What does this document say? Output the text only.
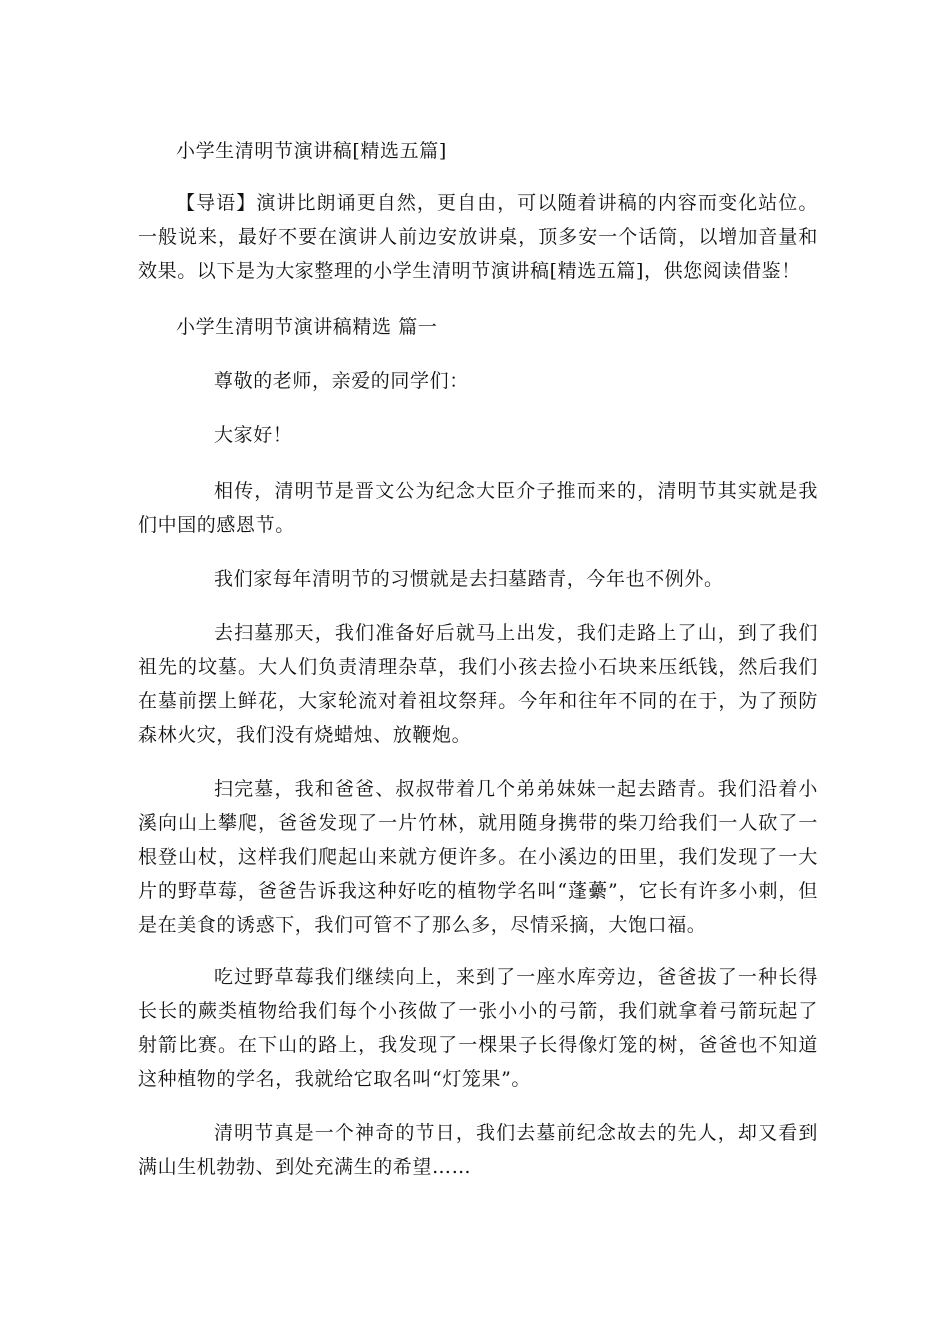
小学生清明节演讲稿[精选五篇]

【导语】演讲比朗诵更自然，更自由，可以随着讲稿的内容而变化站位。一般说来，最好不要在演讲人前边安放讲桌，顶多安一个话筒，以增加音量和效果。以下是为大家整理的小学生清明节演讲稿[精选五篇]，供您阅读借鉴！

小学生清明节演讲稿精选 篇一

尊敬的老师，亲爱的同学们：

大家好！

相传，清明节是晋文公为纪念大臣介子推而来的，清明节其实就是我们中国的感恩节。

我们家每年清明节的习惯就是去扫墓踏青，今年也不例外。

去扫墓那天，我们准备好后就马上出发，我们走路上了山，到了我们祖先的坟墓。大人们负责清理杂草，我们小孩去捡小石块来压纸钱，然后我们在墓前摆上鲜花，大家轮流对着祖坟祭拜。今年和往年不同的在于，为了预防森林火灾，我们没有烧蜡烛、放鞭炮。

扫完墓，我和爸爸、叔叔带着几个弟弟妹妹一起去踏青。我们沿着小溪向山上攀爬，爸爸发现了一片竹林，就用随身携带的柴刀给我们一人砍了一根登山杖，这样我们爬起山来就方便许多。在小溪边的田里，我们发现了一大片的野草莓，爸爸告诉我这种好吃的植物学名叫“蓬虆”，它长有许多小刺，但是在美食的诱惑下，我们可管不了那么多，尽情采摘，大饱口福。

吃过野草莓我们继续向上，来到了一座水库旁边，爸爸拔了一种长得长长的蕨类植物给我们每个小孩做了一张小小的弓箭，我们就拿着弓箭玩起了射箭比赛。在下山的路上，我发现了一棵果子长得像灯笼的树，爸爸也不知道这种植物的学名，我就给它取名叫“灯笼果”。

清明节真是一个神奇的节日，我们去墓前纪念故去的先人，却又看到满山生机勃勃、到处充满生的希望……
